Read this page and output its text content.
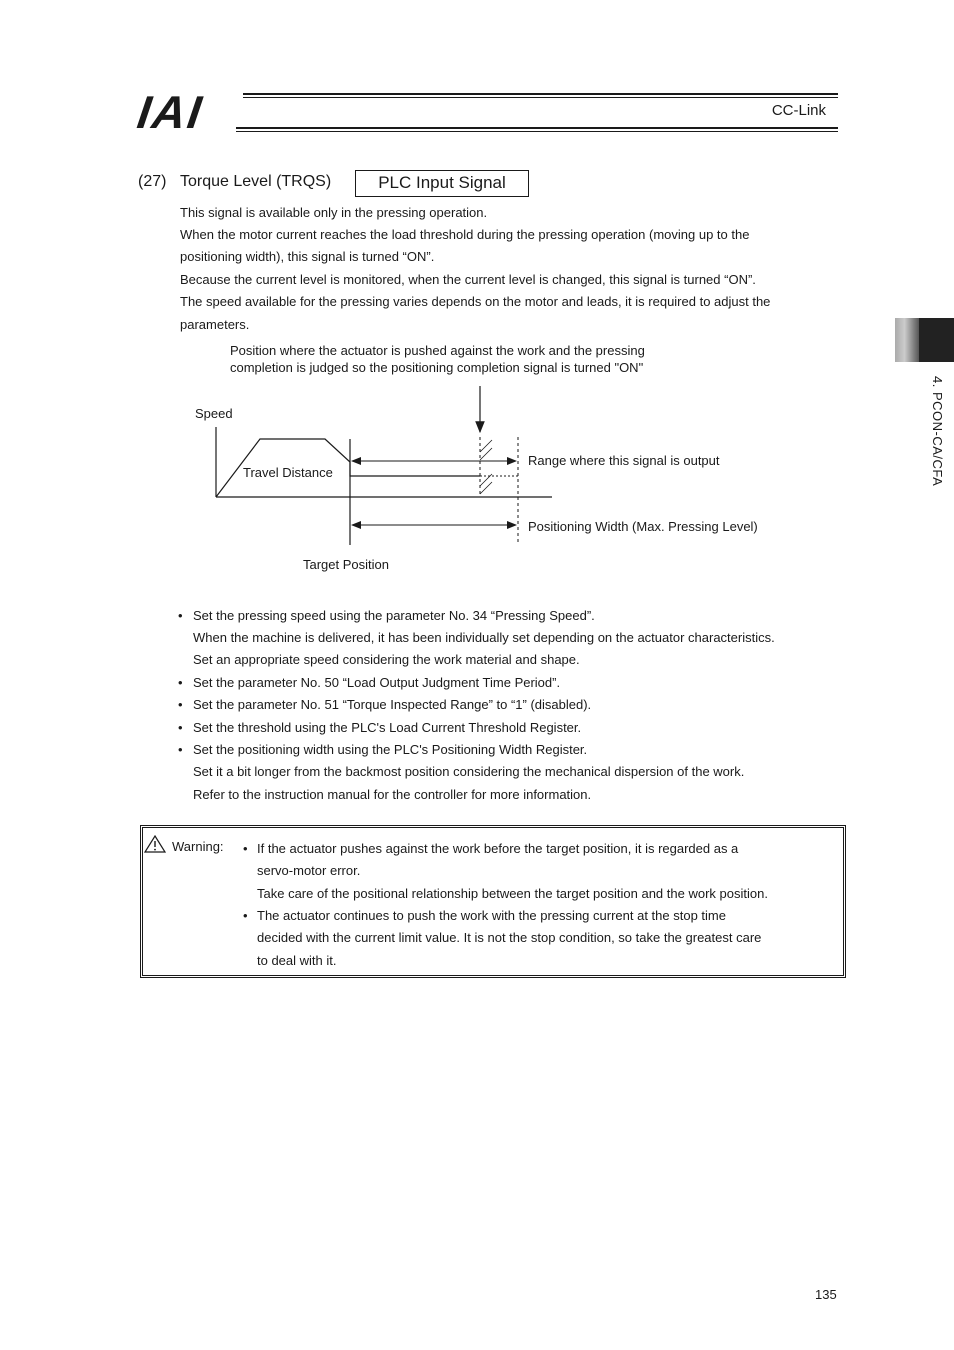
IAI	CC-Link
4. PCON-CA/CFA
(27) Torque Level (TRQS)	PLC Input Signal
This signal is available only in the pressing operation.
When the motor current reaches the load threshold during the pressing operation (moving up to the
positioning width), this signal is turned “ON”.
Because the current level is monitored, when the current level is changed, this signal is turned “ON”.
The speed available for the pressing varies depends on the motor and leads, it is required to adjust the
parameters.
Position where the actuator is pushed against the work and the pressing
completion is judged so the positioning completion signal is turned "ON"
Speed
Travel Distance
Range where this signal is output
Positioning Width (Max. Pressing Level)
Target Position
• Set the pressing speed using the parameter No. 34 “Pressing Speed”.
When the machine is delivered, it has been individually set depending on the actuator characteristics.
Set an appropriate speed considering the work material and shape.
• Set the parameter No. 50 “Load Output Judgment Time Period”.
• Set the parameter No. 51 “Torque Inspected Range” to “1” (disabled).
• Set the threshold using the PLC's Load Current Threshold Register.
• Set the positioning width using the PLC's Positioning Width Register.
Set it a bit longer from the backmost position considering the mechanical dispersion of the work.
Refer to the instruction manual for the controller for more information.
Warning: • If the actuator pushes against the work before the target position, it is regarded as a
servo-motor error.
Take care of the positional relationship between the target position and the work position.
• The actuator continues to push the work with the pressing current at the stop time
decided with the current limit value. It is not the stop condition, so take the greatest care
to deal with it.
135
